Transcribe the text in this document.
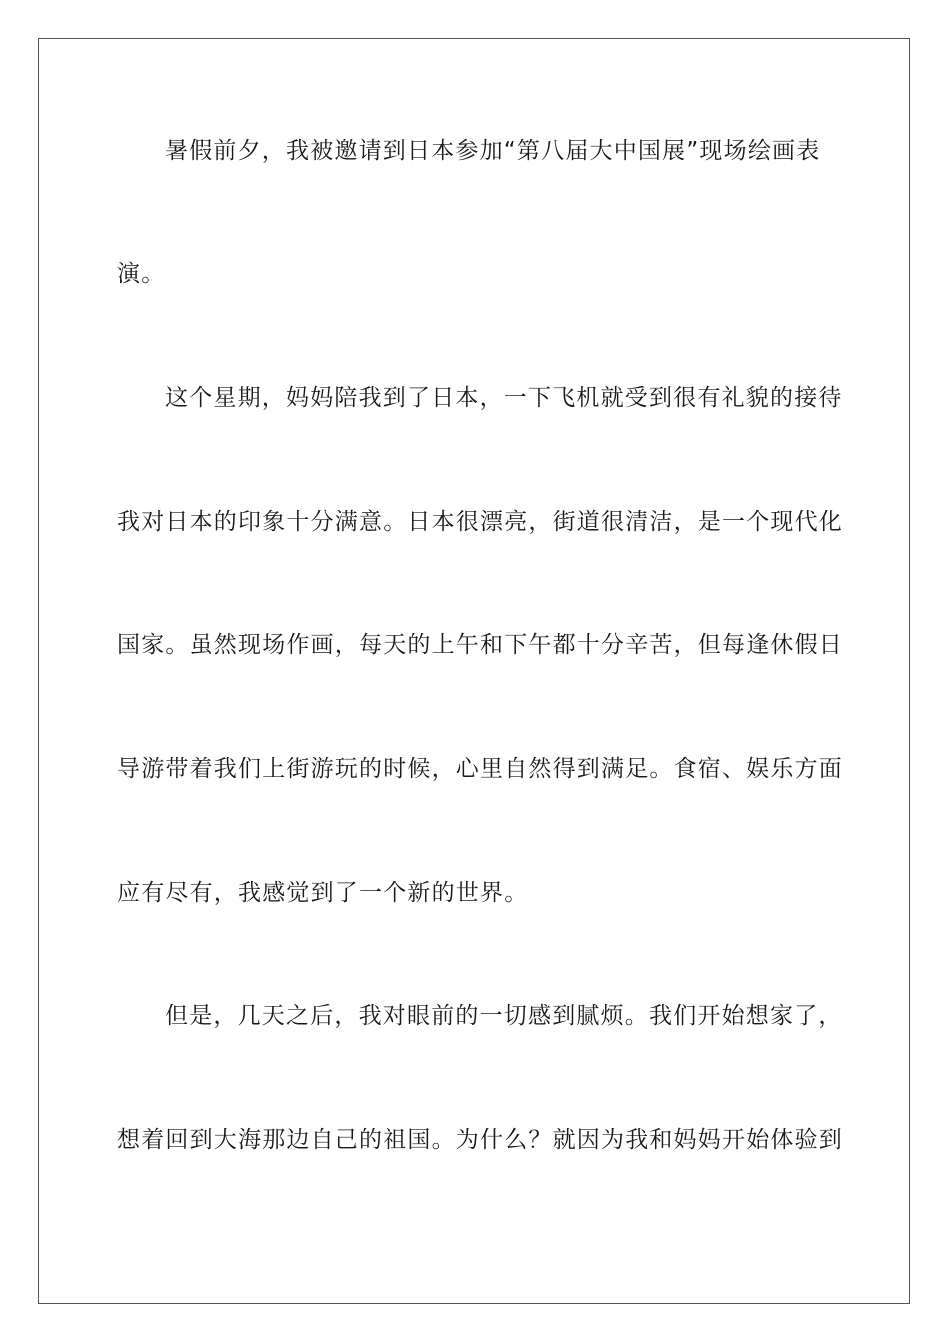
暑假前夕，我被邀请到日本参加“第八届大中国展”现场绘画表
演。
这个星期，妈妈陪我到了日本，一下飞机就受到很有礼貌的接待
我对日本的印象十分满意。日本很漂亮，街道很清洁，是一个现代化
国家。虽然现场作画，每天的上午和下午都十分辛苦，但每逢休假日
导游带着我们上街游玩的时候，心里自然得到满足。食宿、娱乐方面
应有尽有，我感觉到了一个新的世界。
但是，几天之后，我对眼前的一切感到腻烦。我们开始想家了，
想着回到大海那边自己的祖国。为什么？就因为我和妈妈开始体验到
